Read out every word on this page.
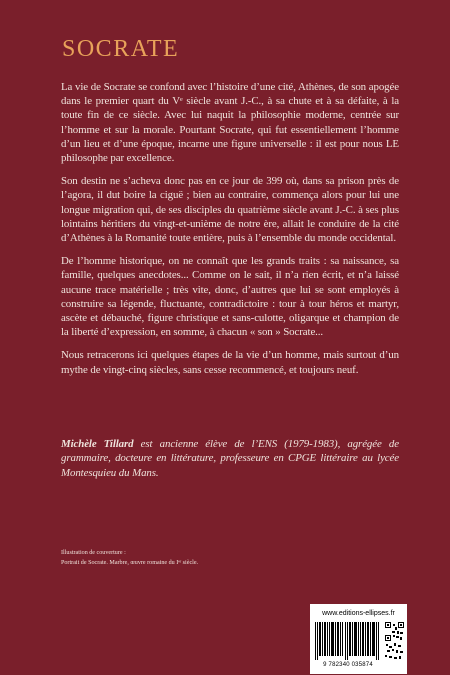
SOCRATE

La vie de Socrate se confond avec l’histoire d’une cité, Athènes, de son apogée dans le premier quart du Vᵉ siècle avant J.-C., à sa chute et à sa défaite, à la toute fin de ce siècle. Avec lui naquit la philosophie moderne, centrée sur l’homme et sur la morale. Pourtant Socrate, qui fut essentiellement l’homme d’un lieu et d’une époque, incarne une figure universelle : il est pour nous LE philosophe par excellence.

Son destin ne s’acheva donc pas en ce jour de 399 où, dans sa prison près de l’agora, il dut boire la ciguë ; bien au contraire, commença alors pour lui une longue migration qui, de ses disciples du quatrième siècle avant J.-C. à ses plus lointains héritiers du vingt-et-unième de notre ère, allait le conduire de la cité d’Athènes à la Romanité toute entière, puis à l’ensemble du monde occidental.

De l’homme historique, on ne connaît que les grands traits : sa naissance, sa famille, quelques anecdotes... Comme on le sait, il n’a rien écrit, et n’a laissé aucune trace matérielle ; très vite, donc, d’autres que lui se sont employés à construire sa légende, fluctuante, contradictoire : tour à tour héros et martyr, ascète et débauché, figure christique et sans-culotte, oligarque et champion de la liberté d’expression, en somme, à chacun « son » Socrate...

Nous retracerons ici quelques étapes de la vie d’un homme, mais surtout d’un mythe de vingt-cinq siècles, sans cesse recommencé, et toujours neuf.

Michèle Tillard est ancienne élève de l’ENS (1979-1983), agrégée de grammaire, docteure en littérature, professeure en CPGE littéraire au lycée Montesquieu du Mans.
Illustration de couverture :
Portrait de Socrate. Marbre, œuvre romaine du Iᵉʳ siècle.
www.editions-ellipses.fr
9 782340 035874
